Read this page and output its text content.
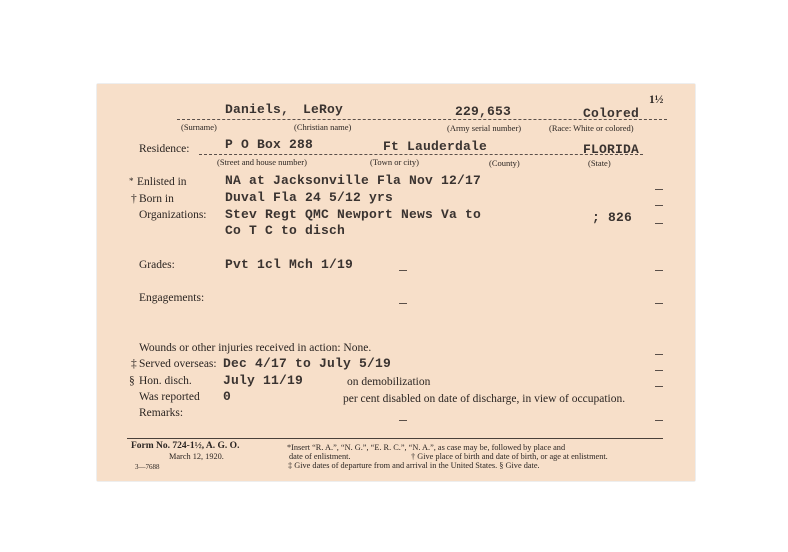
1½
Daniels, LeRoy	229,653	Colored
(Surname)	(Christian name)	(Army serial number)	(Race: White or colored)
Residence:	P O Box 288	Ft Lauderdale	FLORIDA
(Street and house number)	(Town or city)	(County)	(State)
* Enlisted in	NA at Jacksonville Fla Nov 12/17
† Born in	Duval Fla 24 5/12 yrs
Organizations: Stev Regt QMC Newport News Va to
Co T C to disch
; 826
Grades:	Pvt 1cl Mch 1/19
Engagements:
Wounds or other injuries received in action: None.
‡ Served overseas: Dec 4/17 to July 5/19
§ Hon. disch. July 11/19	on demobilization
Was reported 0	per cent disabled on date of discharge, in view of occupation.
Remarks:
Form No. 724-1½, A. G. O.
March 12, 1920.
3—7688
*Insert “R. A.”, “N. G.”, “E. R. C.”, “N. A.”, as case may be, followed by place and
date of enlistment.	† Give place of birth and date of birth, or age at enlistment.
‡ Give dates of departure from and arrival in the United States. § Give date.
